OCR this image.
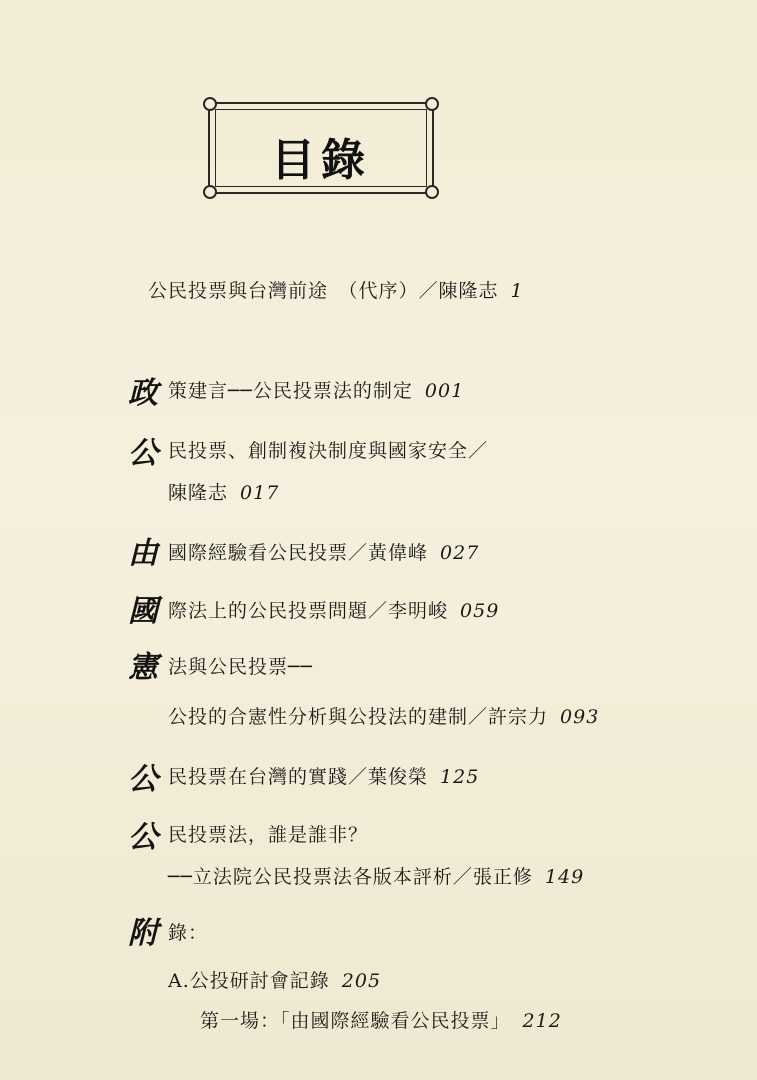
目錄
公民投票與台灣前途　（代序）／陳隆志 1
政 策建言──公民投票法的制定 001
公 民投票、創制複決制度與國家安全／
陳隆志 017
由 國際經驗看公民投票／黃偉峰 027
國 際法上的公民投票問題／李明峻 059
憲 法與公民投票──
公投的合憲性分析與公投法的建制／許宗力 093
公 民投票在台灣的實踐／葉俊榮 125
公 民投票法，誰是誰非？
──立法院公民投票法各版本評析／張正修 149
附 錄：
A.公投研討會記錄 205
第一場：「由國際經驗看公民投票」 212
